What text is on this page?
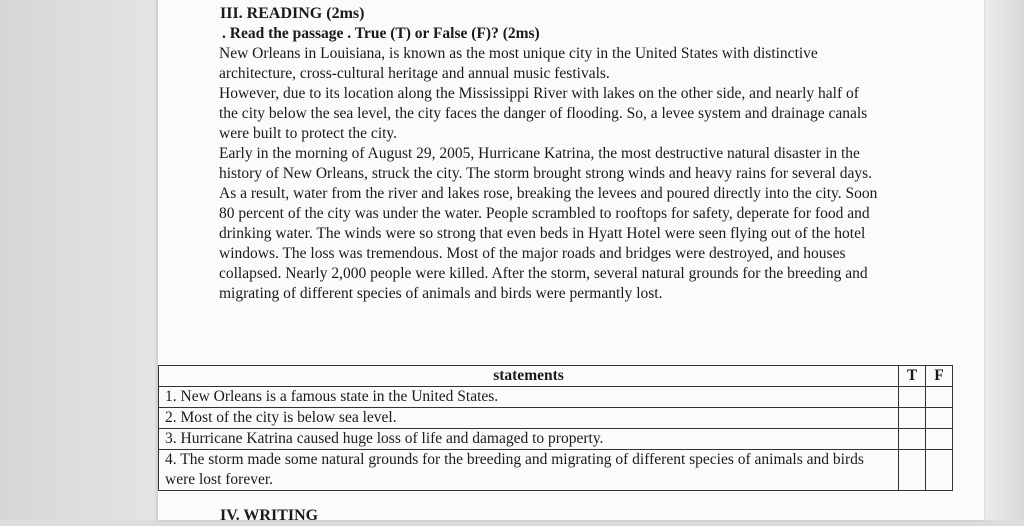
III. READING (2ms)

. Read the passage . True (T) or False (F)? (2ms)

New Orleans in Louisiana, is known as the most unique city in the United States with distinctive architecture, cross-cultural heritage and annual music festivals.

However, due to its location along the Mississippi River with lakes on the other side, and nearly half of the city below the sea level, the city faces the danger of flooding. So, a levee system and drainage canals were built to protect the city.

Early in the morning of August 29, 2005, Hurricane Katrina, the most destructive natural disaster in the history of New Orleans, struck the city. The storm brought strong winds and heavy rains for several days. As a result, water from the river and lakes rose, breaking the levees and poured directly into the city. Soon 80 percent of the city was under the water. People scrambled to rooftops for safety, deperate for food and drinking water. The winds were so strong that even beds in Hyatt Hotel were seen flying out of the hotel windows. The loss was tremendous. Most of the major roads and bridges were destroyed, and houses collapsed. Nearly 2,000 people were killed. After the storm, several natural grounds for the breeding and migrating of different species of animals and birds were permantly lost.

statements	T	F
1. New Orleans is a famous state in the United States.		
2. Most of the city is below sea level.		
3. Hurricane Katrina caused huge loss of life and damaged to property.		
4. The storm made some natural grounds for the breeding and migrating of different species of animals and birds were lost forever.		
IV. WRITING
